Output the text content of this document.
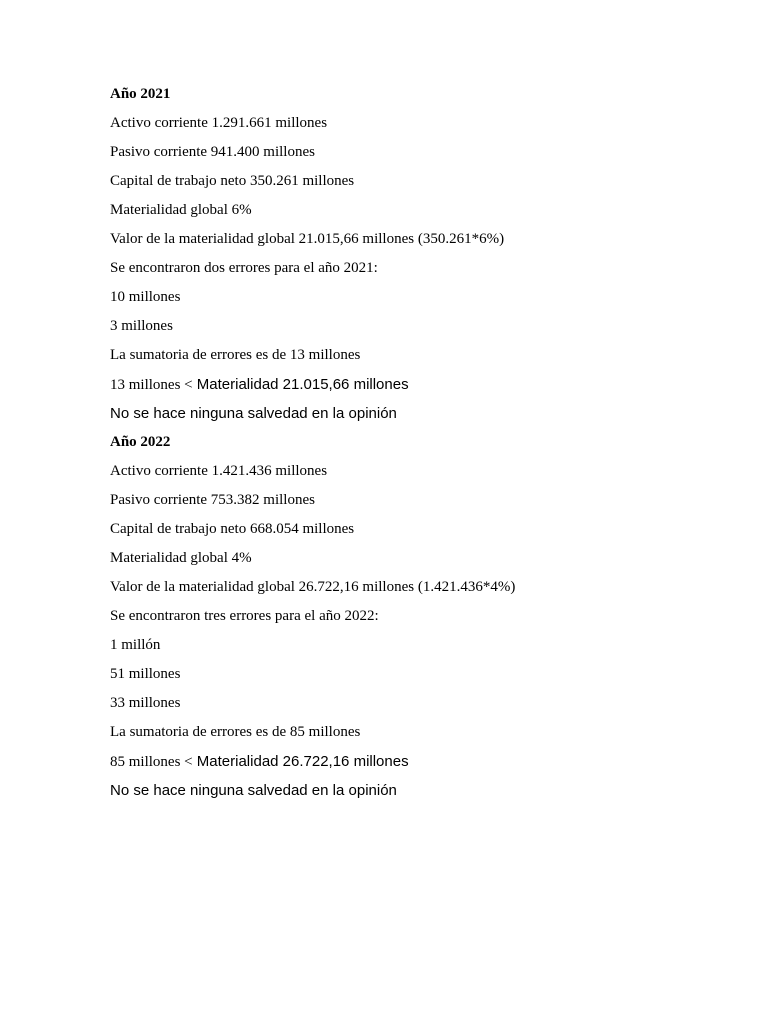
Año 2021
Activo corriente 1.291.661 millones
Pasivo corriente 941.400 millones
Capital de trabajo neto 350.261 millones
Materialidad global 6%
Valor de la materialidad global 21.015,66 millones (350.261*6%)
Se encontraron dos errores para el año 2021:
10 millones
3 millones
La sumatoria de errores es de 13 millones
13 millones < Materialidad 21.015,66 millones
No se hace ninguna salvedad en la opinión
Año 2022
Activo corriente 1.421.436 millones
Pasivo corriente 753.382 millones
Capital de trabajo neto 668.054 millones
Materialidad global 4%
Valor de la materialidad global 26.722,16 millones (1.421.436*4%)
Se encontraron tres errores para el año 2022:
1 millón
51 millones
33 millones
La sumatoria de errores es de 85 millones
85 millones < Materialidad 26.722,16 millones
No se hace ninguna salvedad en la opinión
